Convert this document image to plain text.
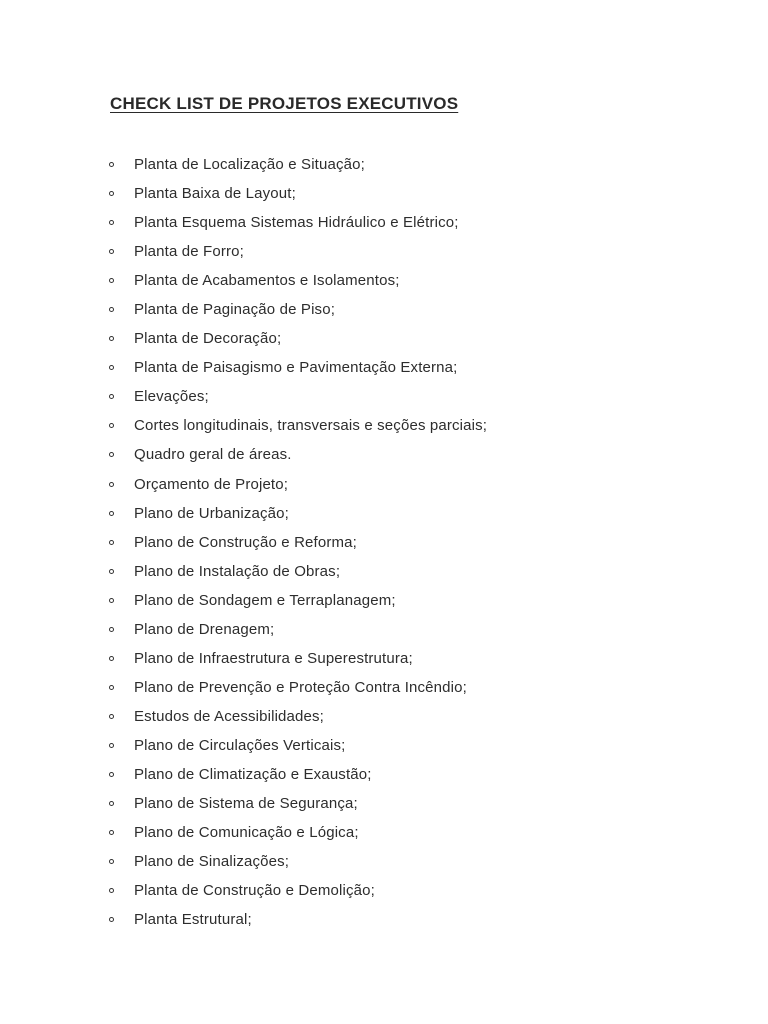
CHECK LIST DE PROJETOS EXECUTIVOS
Planta de Localização e Situação;
Planta Baixa de Layout;
Planta Esquema Sistemas Hidráulico e Elétrico;
Planta de Forro;
Planta de Acabamentos e Isolamentos;
Planta de Paginação de Piso;
Planta de Decoração;
Planta de Paisagismo e Pavimentação Externa;
Elevações;
Cortes longitudinais, transversais e seções parciais;
Quadro geral de áreas.
Orçamento de Projeto;
Plano de Urbanização;
Plano de Construção e Reforma;
Plano de Instalação de Obras;
Plano de Sondagem e Terraplanagem;
Plano de Drenagem;
Plano de Infraestrutura e Superestrutura;
Plano de Prevenção e Proteção Contra Incêndio;
Estudos de Acessibilidades;
Plano de Circulações Verticais;
Plano de Climatização e Exaustão;
Plano de Sistema de Segurança;
Plano de Comunicação e Lógica;
Plano de Sinalizações;
Planta de Construção e Demolição;
Planta Estrutural;
